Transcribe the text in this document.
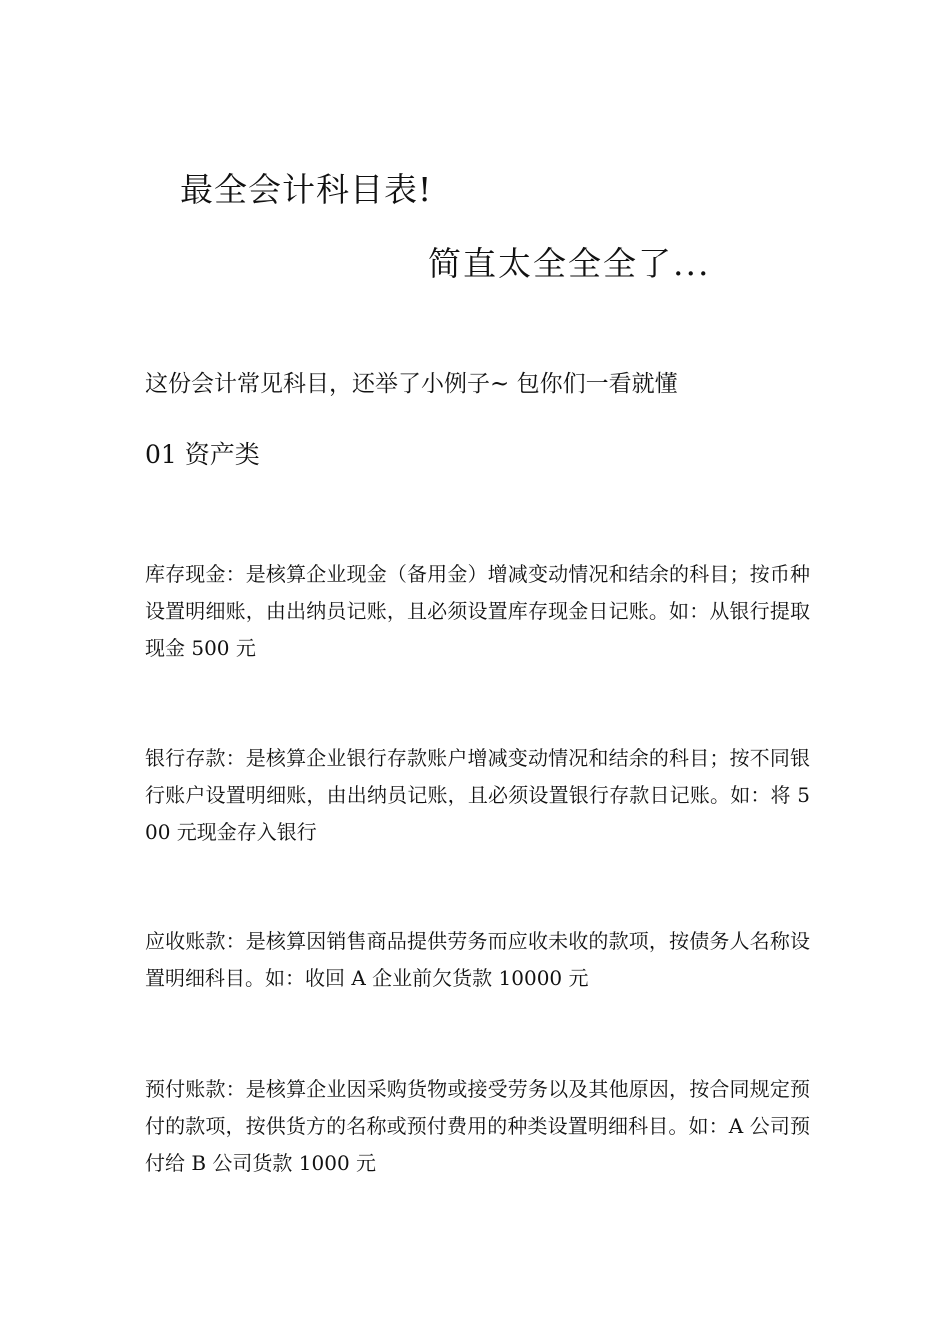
最全会计科目表!
简直太全全全了...
这份会计常见科目，还举了小例子~ 包你们一看就懂
01 资产类
库存现金：是核算企业现金（备用金）增减变动情况和结余的科目；按币种设置明细账，由出纳员记账，且必须设置库存现金日记账。如：从银行提取现金 500 元
银行存款：是核算企业银行存款账户增减变动情况和结余的科目；按不同银行账户设置明细账，由出纳员记账，且必须设置银行存款日记账。如：将 500 元现金存入银行
应收账款：是核算因销售商品提供劳务而应收未收的款项，按债务人名称设置明细科目。如：收回 A 企业前欠货款 10000 元
预付账款：是核算企业因采购货物或接受劳务以及其他原因，按合同规定预付的款项，按供货方的名称或预付费用的种类设置明细科目。如：A 公司预付给 B 公司货款 1000 元
